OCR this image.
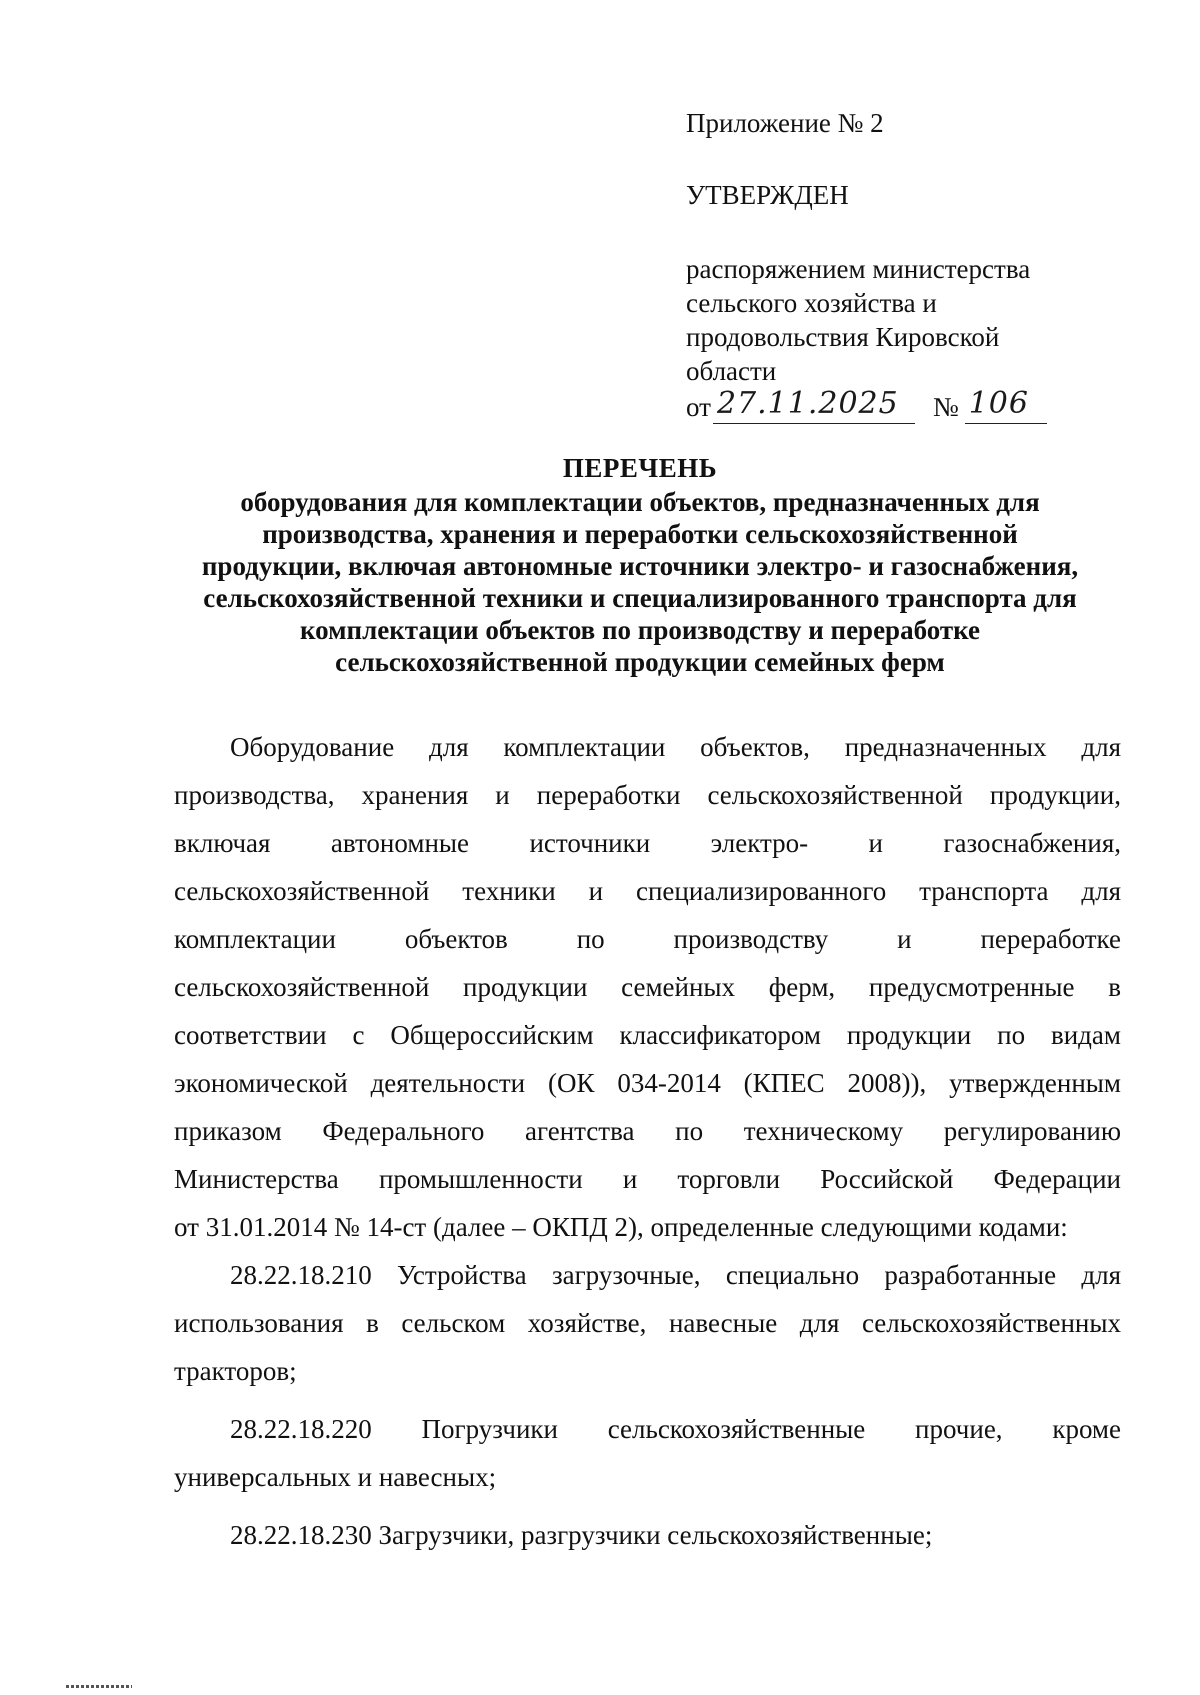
Приложение № 2
УТВЕРЖДЕН
распоряжением министерства
сельского хозяйства и
продовольствия Кировской
области
от 27.11.2025 № 106
ПЕРЕЧЕНЬ
оборудования для комплектации объектов, предназначенных для
производства, хранения и переработки сельскохозяйственной
продукции, включая автономные источники электро- и газоснабжения,
сельскохозяйственной техники и специализированного транспорта для
комплектации объектов по производству и переработке
сельскохозяйственной продукции семейных ферм
Оборудование для комплектации объектов, предназначенных для
производства, хранения и переработки сельскохозяйственной продукции,
включая автономные источники электро- и газоснабжения,
сельскохозяйственной техники и специализированного транспорта для
комплектации объектов по производству и переработке
сельскохозяйственной продукции семейных ферм, предусмотренные в
соответствии с Общероссийским классификатором продукции по видам
экономической деятельности (ОК 034-2014 (КПЕС 2008)), утвержденным
приказом Федерального агентства по техническому регулированию
Министерства промышленности и торговли Российской Федерации
от 31.01.2014 № 14-ст (далее – ОКПД 2), определенные следующими кодами:
28.22.18.210 Устройства загрузочные, специально разработанные для
использования в сельском хозяйстве, навесные для сельскохозяйственных
тракторов;
28.22.18.220 Погрузчики сельскохозяйственные прочие, кроме
универсальных и навесных;
28.22.18.230 Загрузчики, разгрузчики сельскохозяйственные;
